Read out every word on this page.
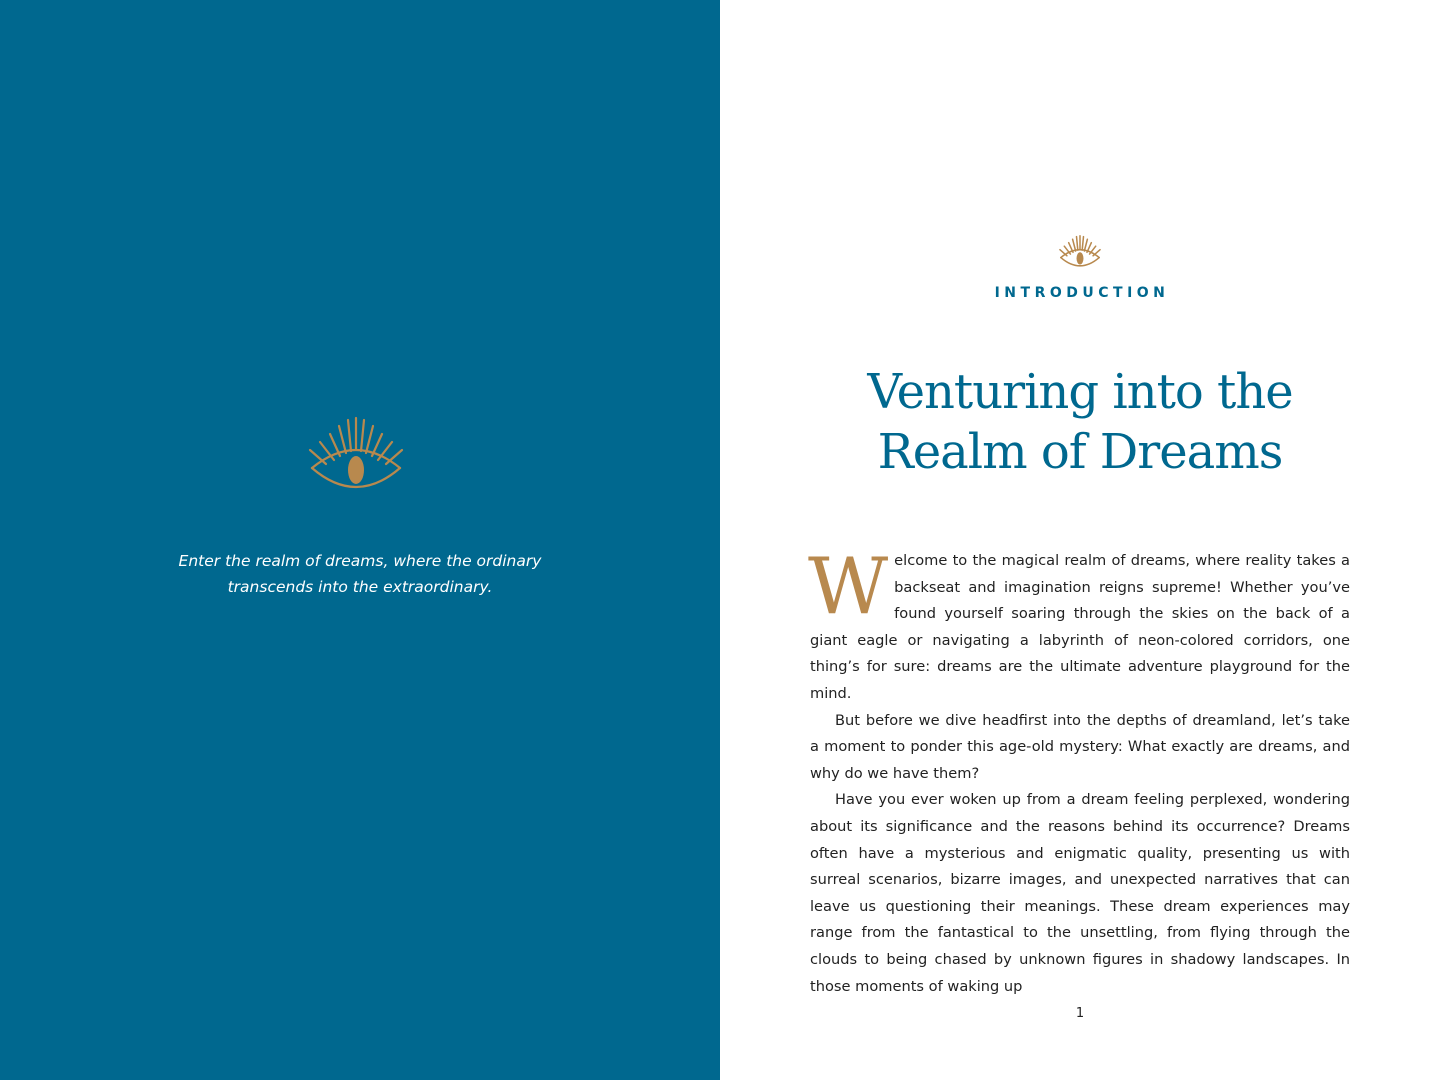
Enter the realm of dreams, where the ordinary
transcends into the extraordinary.
INTRODUCTION
Venturing into the
Realm of Dreams

Welcome to the magical realm of dreams, where reality takes a backseat and imagination reigns supreme! Whether you’ve found yourself soaring through the skies on the back of a giant eagle or navigating a labyrinth of neon-colored corridors, one thing’s for sure: dreams are the ultimate adventure playground for the mind.

But before we dive headfirst into the depths of dreamland, let’s take a moment to ponder this age-old mystery: What exactly are dreams, and why do we have them?

Have you ever woken up from a dream feeling perplexed, wondering about its significance and the reasons behind its occurrence? Dreams often have a mysterious and enigmatic quality, presenting us with surreal scenarios, bizarre images, and unexpected narratives that can leave us questioning their meanings. These dream experiences may range from the fantastical to the unsettling, from flying through the clouds to being chased by unknown figures in shadowy landscapes. In those moments of waking up

1
